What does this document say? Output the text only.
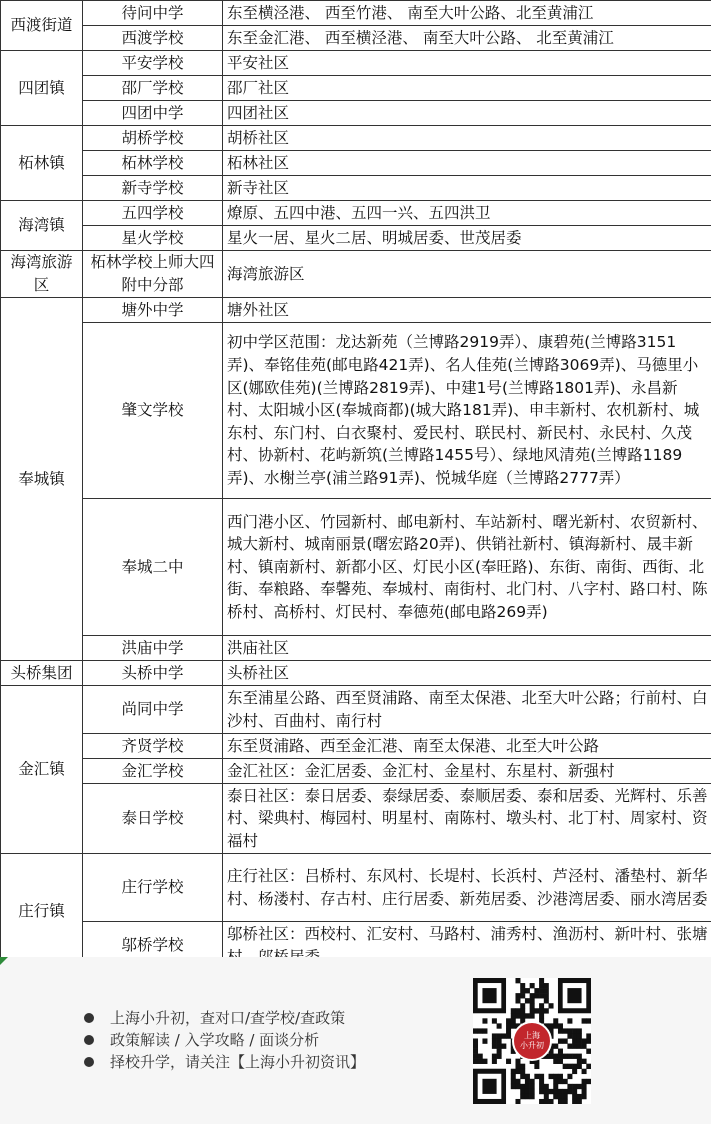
西渡街道	待问中学	东至横泾港、 西至竹港、 南至大叶公路、北至黄浦江
	西渡学校	东至金汇港、 西至横泾港、 南至大叶公路、 北至黄浦江
四团镇	平安学校	平安社区
	邵厂学校	邵厂社区
	四团中学	四团社区
柘林镇	胡桥学校	胡桥社区
	柘林学校	柘林社区
	新寺学校	新寺社区
海湾镇	五四学校	燎原、五四中港、五四一兴、五四洪卫
	星火学校	星火一居、星火二居、明城居委、世茂居委
海湾旅游区	柘林学校上师大四附中分部	海湾旅游区
奉城镇	塘外中学	塘外社区
	肇文学校	初中学区范围：龙达新苑（兰博路2919弄）、康碧苑(兰博路3151弄)、奉铭佳苑(邮电路421弄)、名人佳苑(兰博路3069弄)、马德里小区(娜欧佳苑)(兰博路2819弄)、中建1号(兰博路1801弄)、永昌新村、太阳城小区(奉城商都)(城大路181弄)、申丰新村、农机新村、城东村、东门村、白衣聚村、爱民村、联民村、新民村、永民村、久茂村、协新村、花屿新筑(兰博路1455号）、绿地风清苑(兰博路1189弄)、水榭兰亭(浦兰路91弄)、悦城华庭（兰博路2777弄）
	奉城二中	西门港小区、竹园新村、邮电新村、车站新村、曙光新村、农贸新村、城大新村、城南丽景(曙宏路20弄)、供销社新村、镇海新村、晟丰新村、镇南新村、新都小区、灯民小区(奉旺路)、东街、南街、西街、北街、奉粮路、奉馨苑、奉城村、南街村、北门村、八字村、路口村、陈桥村、高桥村、灯民村、奉德苑(邮电路269弄)
	洪庙中学	洪庙社区
头桥集团	头桥中学	头桥社区
金汇镇	尚同中学	东至浦星公路、西至贤浦路、南至太保港、北至大叶公路；行前村、白沙村、百曲村、南行村
	齐贤学校	东至贤浦路、西至金汇港、南至太保港、北至大叶公路
	金汇学校	金汇社区：金汇居委、金汇村、金星村、东星村、新强村
	泰日学校	泰日社区：泰日居委、泰绿居委、泰顺居委、泰和居委、光辉村、乐善村、梁典村、梅园村、明星村、南陈村、墩头村、北丁村、周家村、资福村
庄行镇	庄行学校	庄行社区：吕桥村、东风村、长堤村、长浜村、芦泾村、潘垫村、新华村、杨溇村、存古村、庄行居委、新苑居委、沙港湾居委、丽水湾居委
	邬桥学校	邬桥社区：西校村、汇安村、马路村、浦秀村、渔沥村、新叶村、张塘
上海小升初，查对口/查学校/查政策
政策解读 / 入学攻略 / 面谈分析
择校升学，请关注【上海小升初资讯】
上海
小升初
